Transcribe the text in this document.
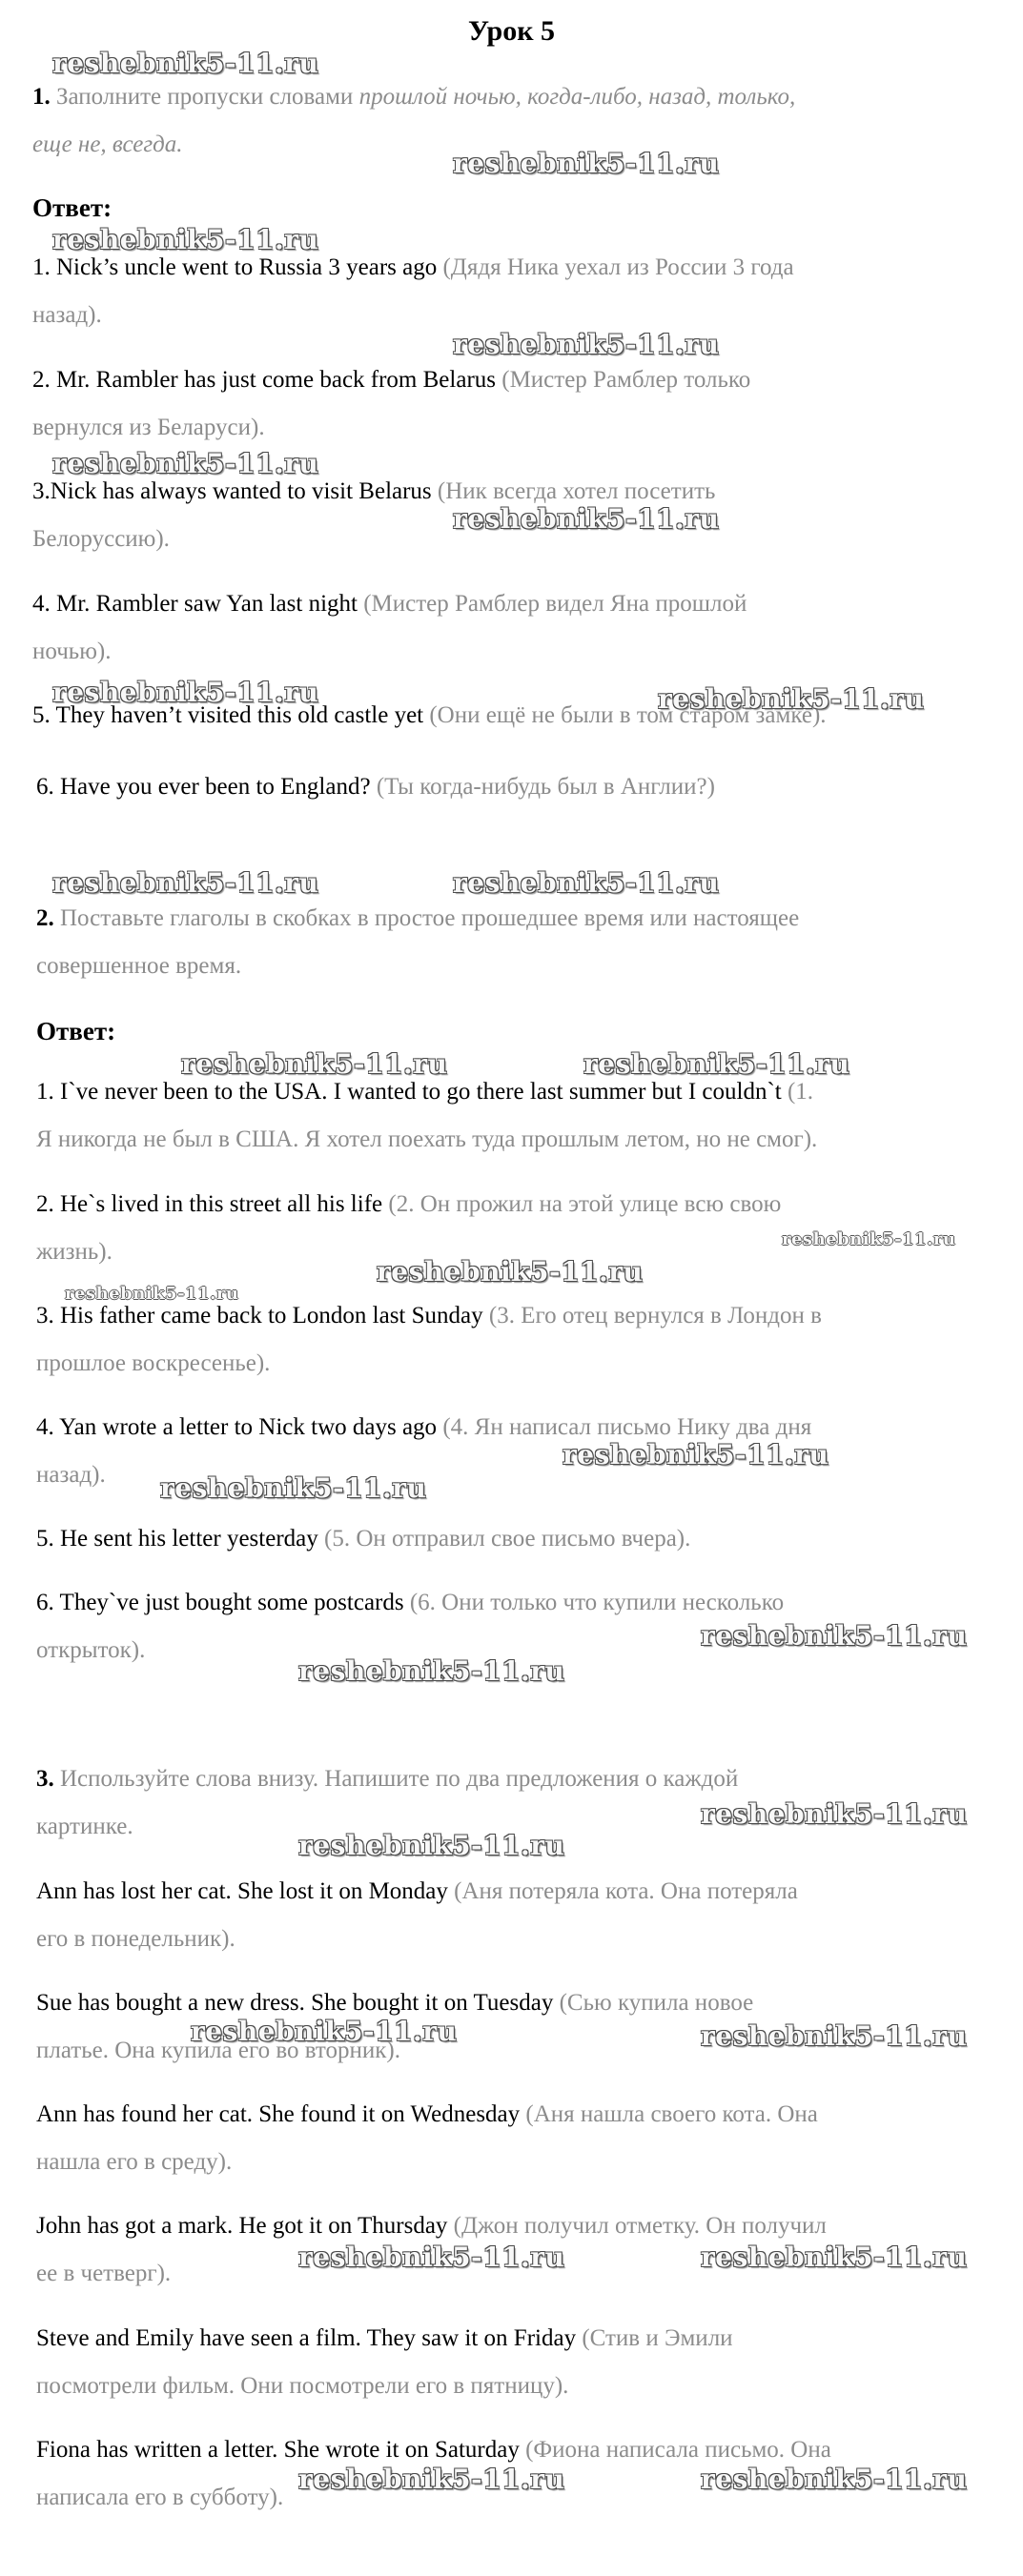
Урок 5
1. Заполните пропуски словами прошлой ночью, когда-либо, назад, только,
еще не, всегда.
Ответ:
1. Nick’s uncle went to Russia 3 years ago (Дядя Ника уехал из России 3 года
назад).
2. Mr. Rambler has just come back from Belarus (Мистер Рамблер только
вернулся из Беларуси).
3.Nick has always wanted to visit Belarus (Ник всегда хотел посетить
Белоруссию).
4. Mr. Rambler saw Yan last night (Мистер Рамблер видел Яна прошлой
ночью).
5. They haven’t visited this old castle yet (Они ещё не были в том старом замке).
6. Have you ever been to England? (Ты когда-нибудь был в Англии?)
2. Поставьте глаголы в скобках в простое прошедшее время или настоящее
совершенное время.
Ответ:
1. I`ve never been to the USA. I wanted to go there last summer but I couldn`t (1.
Я никогда не был в США. Я хотел поехать туда прошлым летом, но не смог).
2. He`s lived in this street all his life (2. Он прожил на этой улице всю свою
жизнь).
3. His father came back to London last Sunday (3. Его отец вернулся в Лондон в
прошлое воскресенье).
4. Yan wrote a letter to Nick two days ago (4. Ян написал письмо Нику два дня
назад).
5. He sent his letter yesterday (5. Он отправил свое письмо вчера).
6. They`ve just bought some postcards (6. Они только что купили несколько
открыток).
3. Используйте слова внизу. Напишите по два предложения о каждой
картинке.
Ann has lost her cat. She lost it on Monday (Аня потеряла кота. Она потеряла
его в понедельник).
Sue has bought a new dress. She bought it on Tuesday (Сью купила новое
платье. Она купила его во вторник).
Ann has found her cat. She found it on Wednesday (Аня нашла своего кота. Она
нашла его в среду).
John has got a mark. He got it on Thursday (Джон получил отметку. Он получил
ее в четверг).
Steve and Emily have seen a film. They saw it on Friday (Стив и Эмили
посмотрели фильм. Они посмотрели его в пятницу).
Fiona has written a letter. She wrote it on Saturday (Фиона написала письмо. Она
написала его в субботу).
reshebnik5-11.ru
reshebnik5-11.ru
reshebnik5-11.ru
reshebnik5-11.ru
reshebnik5-11.ru
reshebnik5-11.ru
reshebnik5-11.ru	reshebnik5-11.ru
reshebnik5-11.ru	reshebnik5-11.ru
reshebnik5-11.ru	reshebnik5-11.ru
reshebnik5-11.ru
reshebnik5-11.ru
reshebnik5-11.ru
reshebnik5-11.ru
reshebnik5-11.ru
reshebnik5-11.ru
reshebnik5-11.ru
reshebnik5-11.ru
reshebnik5-11.ru
reshebnik5-11.ru	reshebnik5-11.ru
reshebnik5-11.ru	reshebnik5-11.ru
reshebnik5-11.ru	reshebnik5-11.ru
